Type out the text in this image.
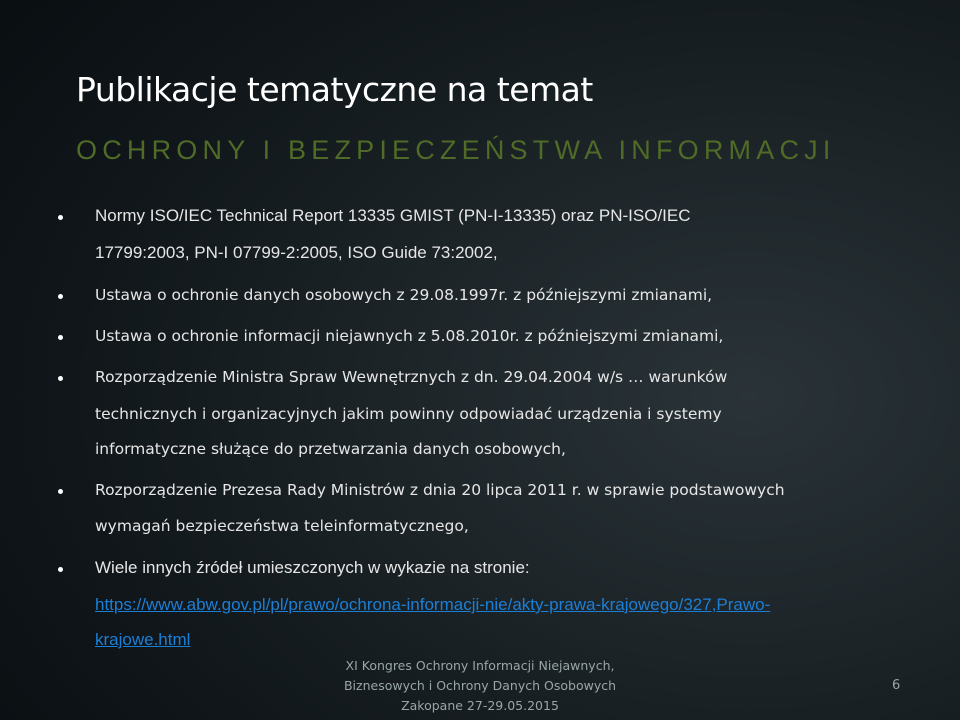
Publikacje tematyczne na temat
OCHRONY I BEZPIECZEŃSTWA INFORMACJI
Normy ISO/IEC Technical Report 13335 GMIST (PN-I-13335) oraz PN-ISO/IEC
17799:2003, PN-I 07799-2:2005, ISO Guide 73:2002,
Ustawa o ochronie danych osobowych z 29.08.1997r. z późniejszymi zmianami,
Ustawa o ochronie informacji niejawnych z 5.08.2010r. z późniejszymi zmianami,
Rozporządzenie Ministra Spraw Wewnętrznych z dn. 29.04.2004 w/s … warunków
technicznych i organizacyjnych jakim powinny odpowiadać urządzenia i systemy
informatyczne służące do przetwarzania danych osobowych,
Rozporządzenie Prezesa Rady Ministrów z dnia 20 lipca 2011 r. w sprawie podstawowych
wymagań bezpieczeństwa teleinformatycznego,
Wiele innych źródeł umieszczonych w wykazie na stronie:
https://www.abw.gov.pl/pl/prawo/ochrona-informacji-nie/akty-prawa-krajowego/327,Prawo-
krajowe.html
XI Kongres Ochrony Informacji Niejawnych,
Biznesowych i Ochrony Danych Osobowych
Zakopane 27-29.05.2015
6
